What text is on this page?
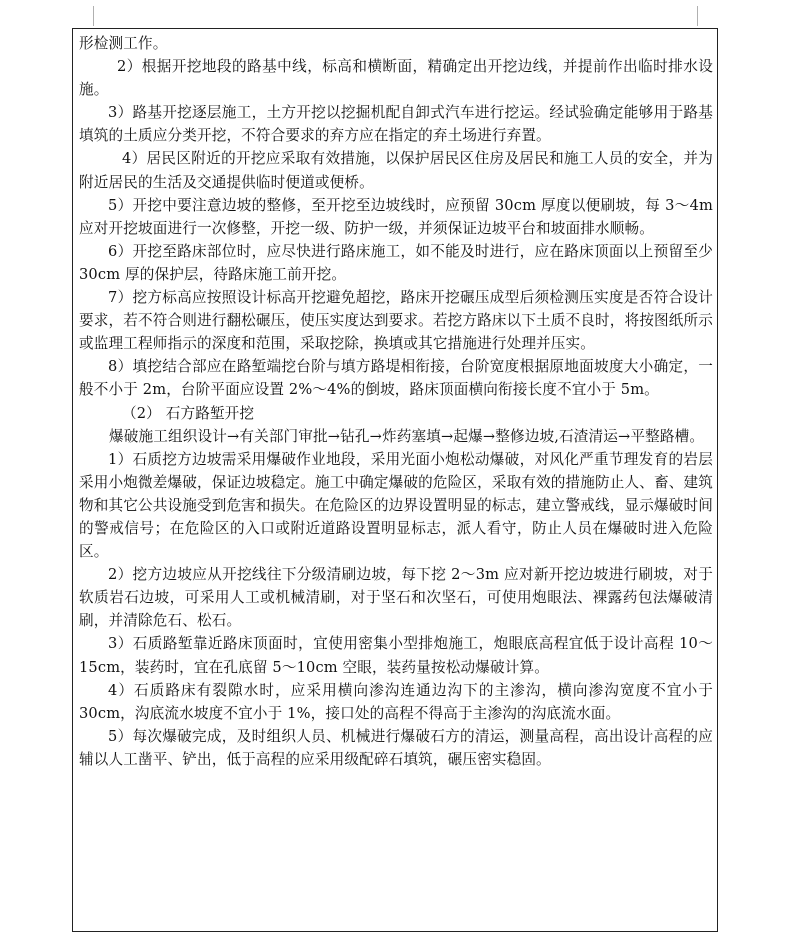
形检测工作。

2）根据开挖地段的路基中线，标高和横断面，精确定出开挖边线，并提前作出临时排水设施。

3）路基开挖逐层施工，土方开挖以挖掘机配自卸式汽车进行挖运。经试验确定能够用于路基填筑的土质应分类开挖，不符合要求的弃方应在指定的弃土场进行弃置。

4）居民区附近的开挖应采取有效措施，以保护居民区住房及居民和施工人员的安全，并为附近居民的生活及交通提供临时便道或便桥。

5）开挖中要注意边坡的整修，至开挖至边坡线时，应预留 30cm 厚度以便刷坡，每 3～4m 应对开挖坡面进行一次修整，开挖一级、防护一级，并须保证边坡平台和坡面排水顺畅。

6）开挖至路床部位时，应尽快进行路床施工，如不能及时进行，应在路床顶面以上预留至少 30cm 厚的保护层，待路床施工前开挖。

7）挖方标高应按照设计标高开挖避免超挖，路床开挖碾压成型后须检测压实度是否符合设计要求，若不符合则进行翻松碾压，使压实度达到要求。若挖方路床以下土质不良时，将按图纸所示或监理工程师指示的深度和范围，采取挖除，换填或其它措施进行处理并压实。

8）填挖结合部应在路堑端挖台阶与填方路堤相衔接，台阶宽度根据原地面坡度大小确定，一般不小于 2m，台阶平面应设置 2%～4%的倒坡，路床顶面横向衔接长度不宜小于 5m。

（2） 石方路堑开挖

爆破施工组织设计→有关部门审批→钻孔→炸药塞填→起爆→整修边坡,石渣清运→平整路槽。

1）石质挖方边坡需采用爆破作业地段，采用光面小炮松动爆破，对风化严重节理发育的岩层采用小炮微差爆破，保证边坡稳定。施工中确定爆破的危险区，采取有效的措施防止人、畜、建筑物和其它公共设施受到危害和损失。在危险区的边界设置明显的标志，建立警戒线，显示爆破时间的警戒信号；在危险区的入口或附近道路设置明显标志，派人看守，防止人员在爆破时进入危险区。

2）挖方边坡应从开挖线往下分级清刷边坡，每下挖 2～3m 应对新开挖边坡进行刷坡，对于软质岩石边坡，可采用人工或机械清刷，对于坚石和次坚石，可使用炮眼法、裸露药包法爆破清刷，并清除危石、松石。

3）石质路堑靠近路床顶面时，宜使用密集小型排炮施工，炮眼底高程宜低于设计高程 10～15cm，装药时，宜在孔底留 5～10cm 空眼，装药量按松动爆破计算。

4）石质路床有裂隙水时，应采用横向渗沟连通边沟下的主渗沟，横向渗沟宽度不宜小于 30cm，沟底流水坡度不宜小于 1%，接口处的高程不得高于主渗沟的沟底流水面。

5）每次爆破完成，及时组织人员、机械进行爆破石方的清运，测量高程，高出设计高程的应辅以人工凿平、铲出，低于高程的应采用级配碎石填筑，碾压密实稳固。
